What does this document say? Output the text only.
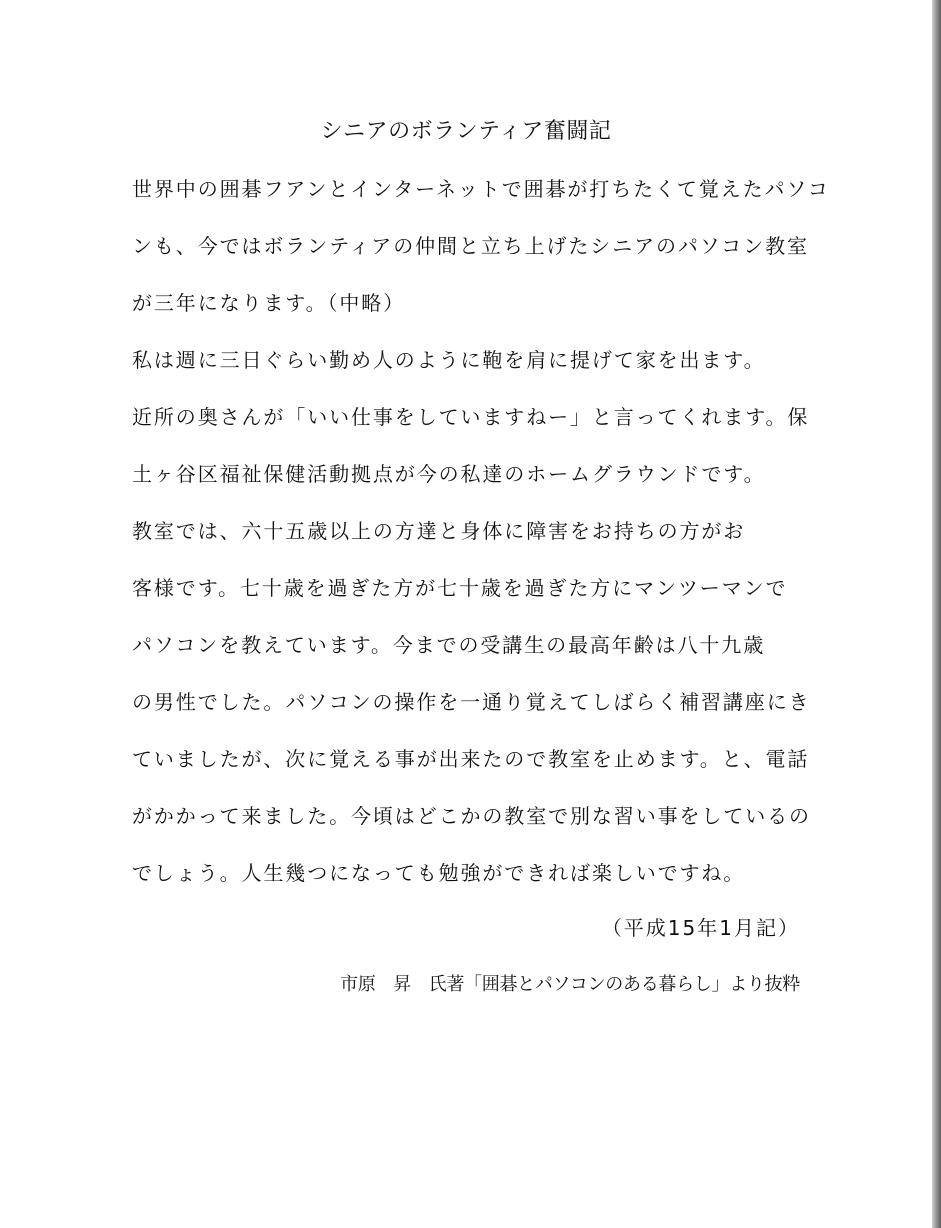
シニアのボランティア奮闘記
世界中の囲碁フアンとインターネットで囲碁が打ちたくて覚えたパソコ
ンも、今ではボランティアの仲間と立ち上げたシニアのパソコン教室
が三年になります。（中略）
私は週に三日ぐらい勤め人のように鞄を肩に提げて家を出ます。
近所の奥さんが「いい仕事をしていますねー」と言ってくれます。保
土ヶ谷区福祉保健活動拠点が今の私達のホームグラウンドです。
教室では、六十五歳以上の方達と身体に障害をお持ちの方がお
客様です。七十歳を過ぎた方が七十歳を過ぎた方にマンツーマンで
パソコンを教えています。今までの受講生の最高年齢は八十九歳
の男性でした。パソコンの操作を一通り覚えてしばらく補習講座にき
ていましたが、次に覚える事が出来たので教室を止めます。と、電話
がかかって来ました。今頃はどこかの教室で別な習い事をしているの
でしょう。人生幾つになっても勉強ができれば楽しいですね。
（平成15年1月記）
市原　昇　氏著「囲碁とパソコンのある暮らし」より抜粋
